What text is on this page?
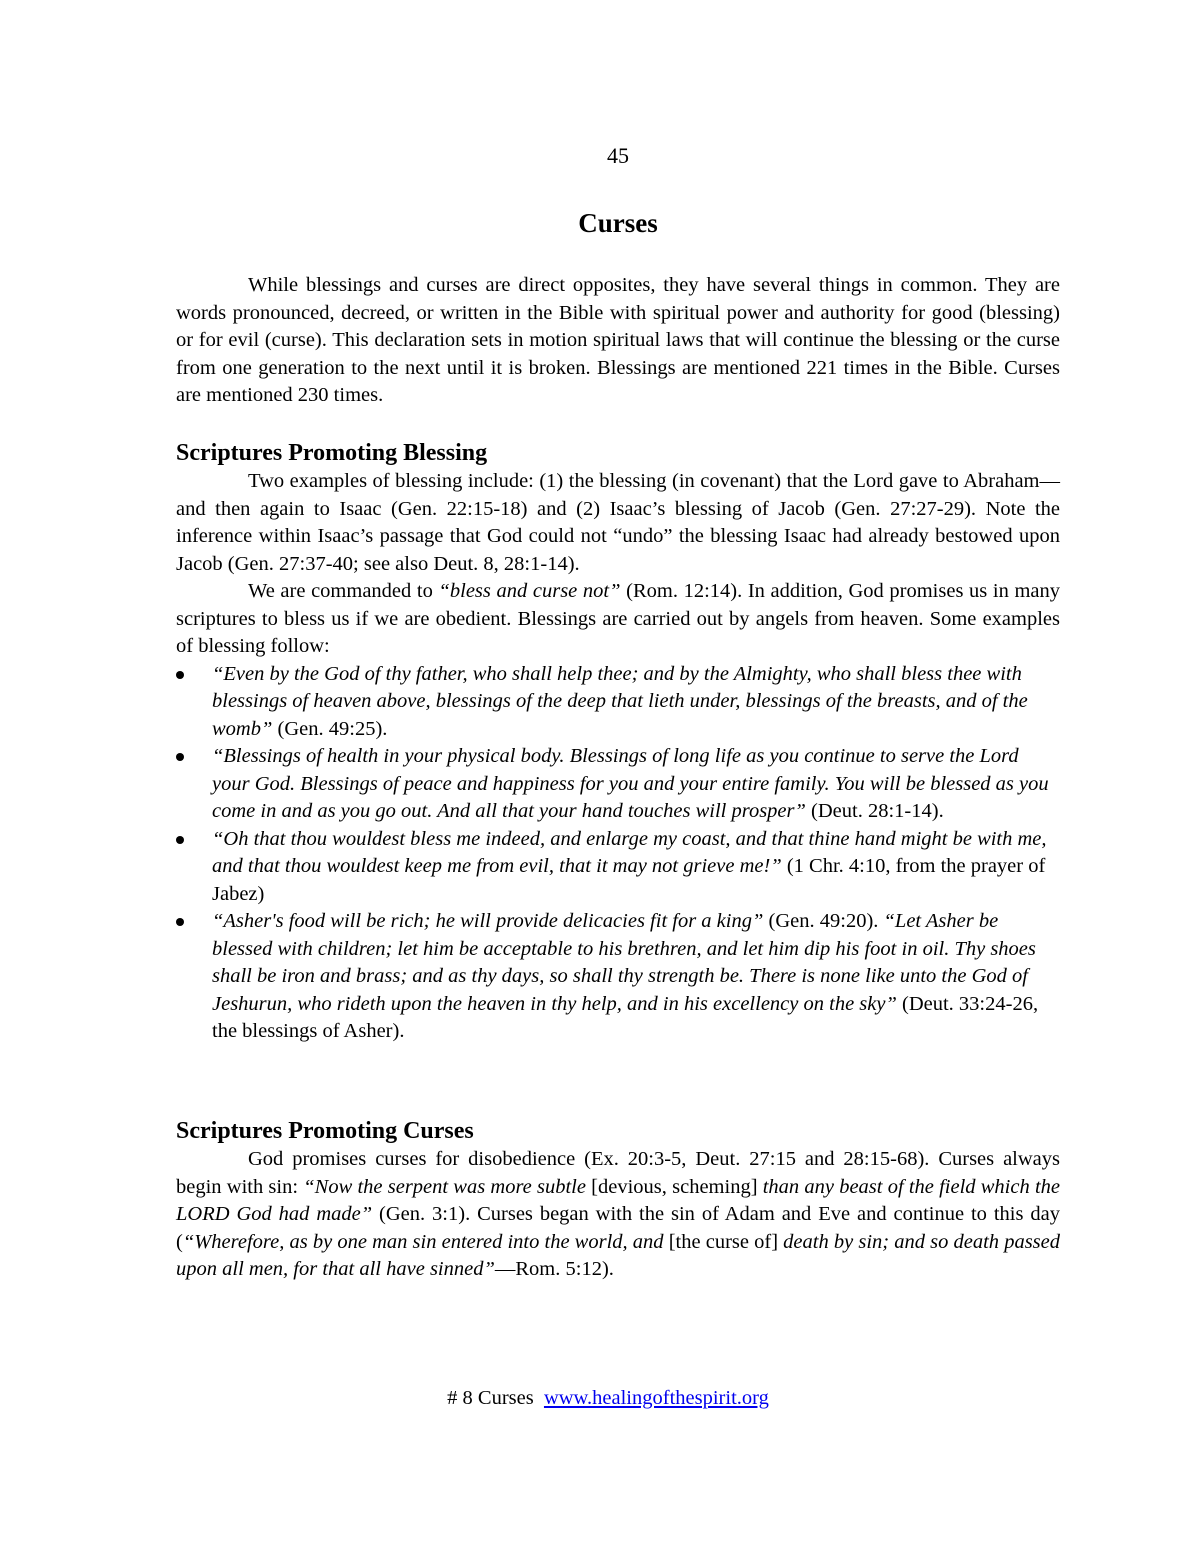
45
Curses

While blessings and curses are direct opposites, they have several things in common. They are words pronounced, decreed, or written in the Bible with spiritual power and authority for good (blessing) or for evil (curse). This declaration sets in motion spiritual laws that will continue the blessing or the curse from one generation to the next until it is broken. Blessings are mentioned 221 times in the Bible. Curses are mentioned 230 times.

Scriptures Promoting Blessing

Two examples of blessing include: (1) the blessing (in covenant) that the Lord gave to Abraham—and then again to Isaac (Gen. 22:15-18) and (2) Isaac’s blessing of Jacob (Gen. 27:27-29). Note the inference within Isaac’s passage that God could not “undo” the blessing Isaac had already bestowed upon Jacob (Gen. 27:37-40; see also Deut. 8, 28:1-14).

We are commanded to “bless and curse not” (Rom. 12:14). In addition, God promises us in many scriptures to bless us if we are obedient. Blessings are carried out by angels from heaven. Some examples of blessing follow:

“Even by the God of thy father, who shall help thee; and by the Almighty, who shall bless thee with blessings of heaven above, blessings of the deep that lieth under, blessings of the breasts, and of the womb” (Gen. 49:25).
“Blessings of health in your physical body. Blessings of long life as you continue to serve the Lord your God. Blessings of peace and happiness for you and your entire family. You will be blessed as you come in and as you go out. And all that your hand touches will prosper” (Deut. 28:1-14).
“Oh that thou wouldest bless me indeed, and enlarge my coast, and that thine hand might be with me, and that thou wouldest keep me from evil, that it may not grieve me!” (1 Chr. 4:10, from the prayer of Jabez)
“Asher's food will be rich; he will provide delicacies fit for a king” (Gen. 49:20). “Let Asher be blessed with children; let him be acceptable to his brethren, and let him dip his foot in oil. Thy shoes shall be iron and brass; and as thy days, so shall thy strength be. There is none like unto the God of Jeshurun, who rideth upon the heaven in thy help, and in his excellency on the sky” (Deut. 33:24-26, the blessings of Asher).
Scriptures Promoting Curses

God promises curses for disobedience (Ex. 20:3-5, Deut. 27:15 and 28:15-68). Curses always begin with sin: “Now the serpent was more subtle [devious, scheming] than any beast of the field which the LORD God had made” (Gen. 3:1). Curses began with the sin of Adam and Eve and continue to this day (“Wherefore, as by one man sin entered into the world, and [the curse of] death by sin; and so death passed upon all men, for that all have sinned”—Rom. 5:12).

# 8 Curses www.healingofthespirit.org
